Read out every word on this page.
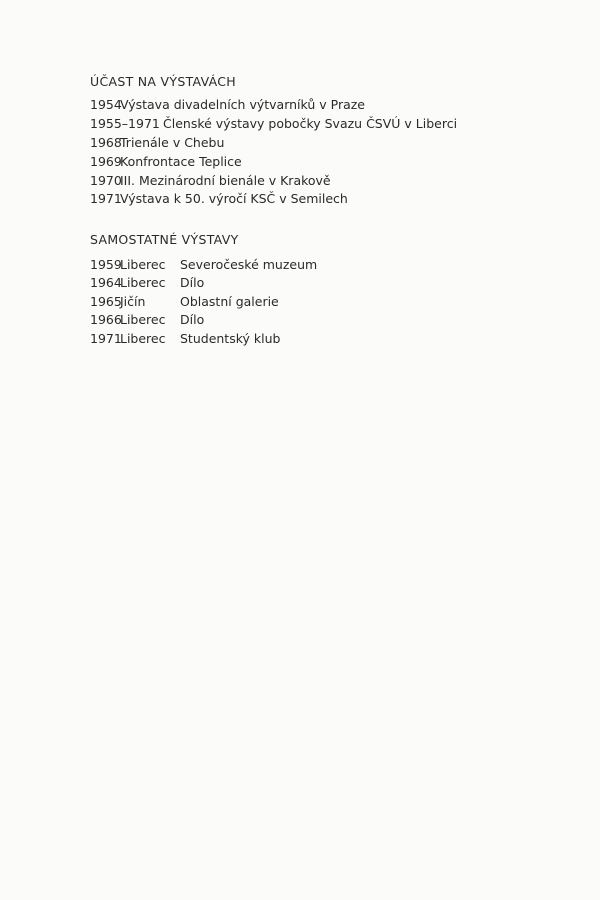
ÚČAST NA VÝSTAVÁCH
1954Výstava divadelních výtvarníků v Praze
1955–1971 Členské výstavy pobočky Svazu ČSVÚ v Liberci
1968Trienále v Chebu
1969Konfrontace Teplice
1970III. Mezinárodní bienále v Krakově
1971Výstava k 50. výročí KSČ v Semilech
SAMOSTATNÉ VÝSTAVY
1959Liberec Severočeské muzeum
1964Liberec Dílo
1965Jičín	Oblastní galerie
1966Liberec Dílo
1971Liberec Studentský klub
